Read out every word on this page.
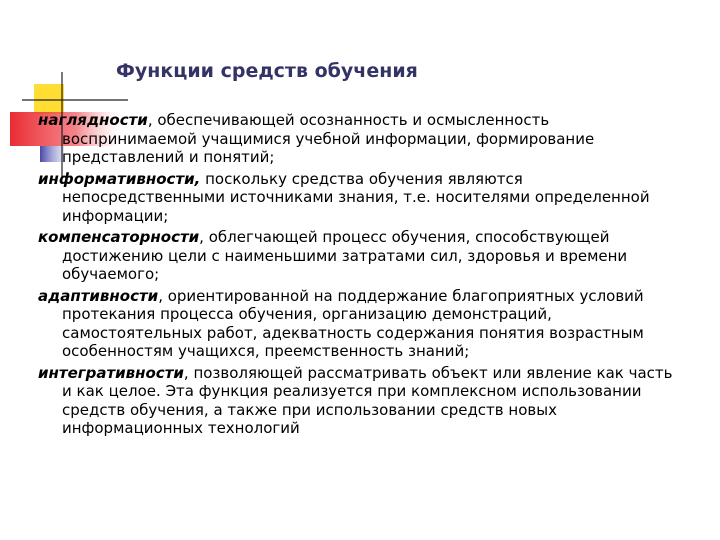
Функции средств обучения
наглядности, обеспечивающей осознанность и осмысленность воспринимаемой учащимися учебной информации, формирование представлений и понятий;
информативности, поскольку средства обучения являются непосредственными источниками знания, т.е. носителями определенной информации;
компенсаторности, облегчающей процесс обучения, способствующей достижению цели с наименьшими затратами сил, здоровья и времени обучаемого;
адаптивности, ориентированной на поддержание благоприятных условий протекания процесса обучения, организацию демонстраций, самостоятельных работ, адекватность содержания понятия возрастным особенностям учащихся, преемственность знаний;
интегративности, позволяющей рассматривать объект или явление как часть и как целое. Эта функция реализуется при комплексном использовании средств обучения, а также при использовании средств новых информационных технологий
